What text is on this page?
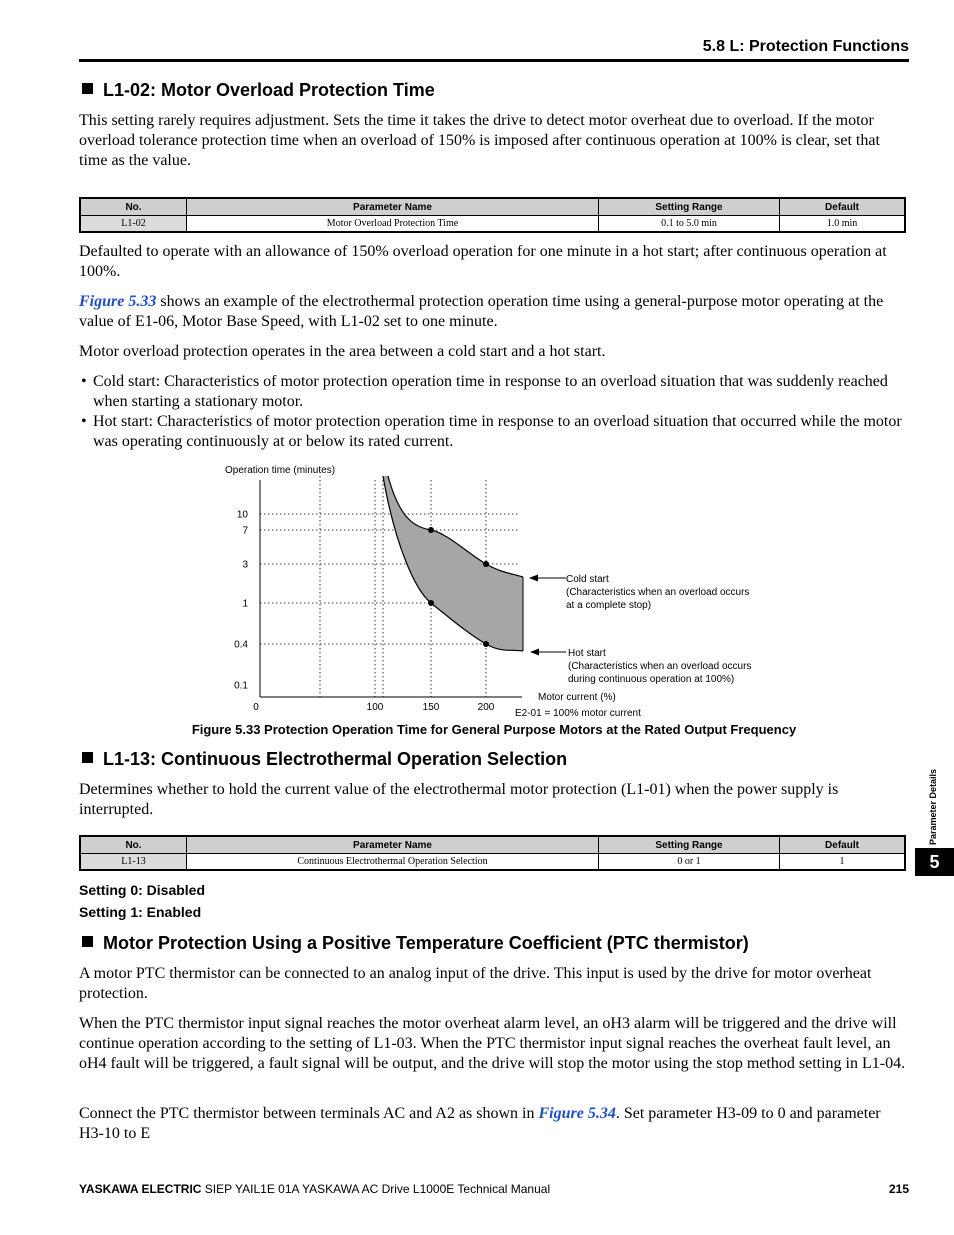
5.8 L: Protection Functions
L1-02: Motor Overload Protection Time

This setting rarely requires adjustment. Sets the time it takes the drive to detect motor overheat due to overload. If the motor overload tolerance protection time when an overload of 150% is imposed after continuous operation at 100% is clear, set that time as the value.

No.	Parameter Name	Setting Range	Default
L1-02	Motor Overload Protection Time	0.1 to 5.0 min	1.0 min

Defaulted to operate with an allowance of 150% overload operation for one minute in a hot start; after continuous operation at 100%.

Figure 5.33 shows an example of the electrothermal protection operation time using a general-purpose motor operating at the value of E1-06, Motor Base Speed, with L1-02 set to one minute.

Motor overload protection operates in the area between a cold start and a hot start.

• Cold start: Characteristics of motor protection operation time in response to an overload situation that was suddenly reached when starting a stationary motor.
• Hot start: Characteristics of motor protection operation time in response to an overload situation that occurred while the motor was operating continuously at or below its rated current.
Operation time (minutes)
10
7
3
1
0.4
0.1
0	100	150	200
Motor current (%)
E2-01 = 100% motor current
Cold start
(Characteristics when an overload occurs
at a complete stop)
Hot start
(Characteristics when an overload occurs
during continuous operation at 100%)
Figure 5.33 Protection Operation Time for General Purpose Motors at the Rated Output Frequency
L1-13: Continuous Electrothermal Operation Selection

Determines whether to hold the current value of the electrothermal motor protection (L1-01) when the power supply is interrupted.

No.	Parameter Name	Setting Range	Default
L1-13	Continuous Electrothermal Operation Selection	0 or 1	1
Setting 0: Disabled
Setting 1: Enabled
Motor Protection Using a Positive Temperature Coefficient (PTC thermistor)

A motor PTC thermistor can be connected to an analog input of the drive. This input is used by the drive for motor overheat protection.

When the PTC thermistor input signal reaches the motor overheat alarm level, an oH3 alarm will be triggered and the drive will continue operation according to the setting of L1-03. When the PTC thermistor input signal reaches the overheat fault level, an oH4 fault will be triggered, a fault signal will be output, and the drive will stop the motor using the stop method setting in L1-04.

Connect the PTC thermistor between terminals AC and A2 as shown in Figure 5.34. Set parameter H3-09 to 0 and parameter H3-10 to E

YASKAWA ELECTRIC SIEP YAIL1E 01A YASKAWA AC Drive L1000E Technical Manual	215
Parameter Details
5
